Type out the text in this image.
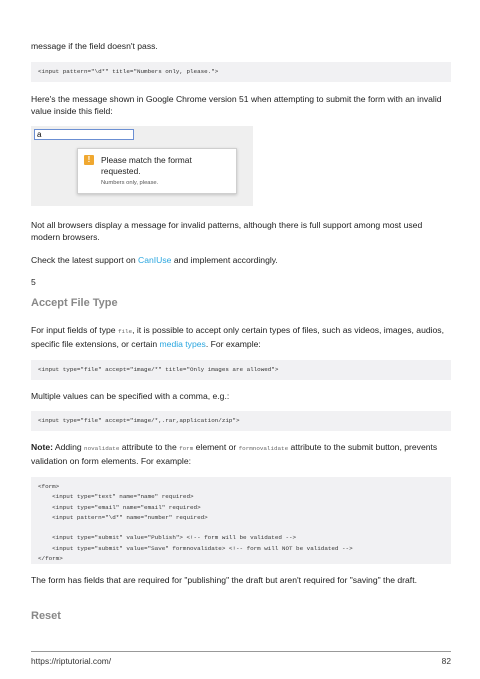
message if the field doesn't pass.

<input pattern="\d*" title="Numbers only, please.">

Here's the message shown in Google Chrome version 51 when attempting to submit the form with an invalid value inside this field:

a
!	Please match the format requested.
Numbers only, please.

Not all browsers display a message for invalid patterns, although there is full support among most used modern browsers.

Check the latest support on CanIUse and implement accordingly.

5

Accept File Type

For input fields of type file, it is possible to accept only certain types of files, such as videos, images, audios, specific file extensions, or certain media types. For example:

<input type="file" accept="image/*" title="Only images are allowed">

Multiple values can be specified with a comma, e.g.:

<input type="file" accept="image/*,.rar,application/zip">

Note: Adding novalidate attribute to the form element or formnovalidate attribute to the submit button, prevents validation on form elements. For example:

<form>
<input type="text" name="name" required>
<input type="email" name="email" required>
<input pattern="\d*" name="number" required>

<input type="submit" value="Publish"> <!-- form will be validated -->
<input type="submit" value="Save" formnovalidate> <!-- form will NOT be validated -->
</form>

The form has fields that are required for "publishing" the draft but aren't required for "saving" the draft.

Reset
https://riptutorial.com/	82
